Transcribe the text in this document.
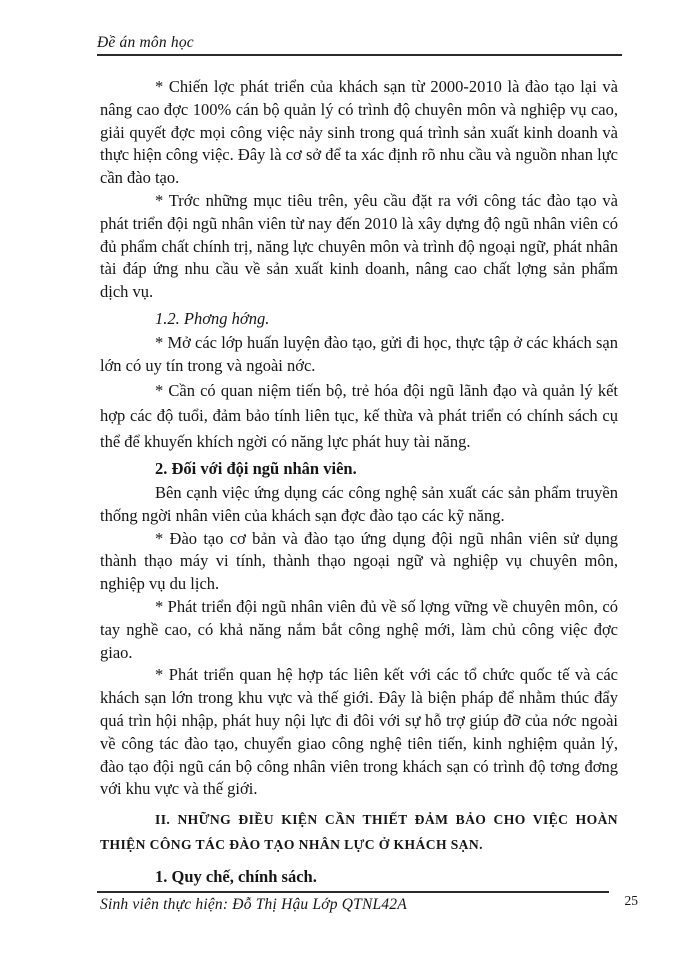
Đề án môn học

* Chiến lợc phát triển của khách sạn từ 2000-2010 là đào tạo lại và nâng cao đợc 100% cán bộ quản lý có trình độ chuyên môn và nghiệp vụ cao, giải quyết đợc mọi công việc nảy sinh trong quá trình sản xuất kinh doanh và thực hiện công việc. Đây là cơ sở để ta xác định rõ nhu cầu và nguồn nhan lực cần đào tạo.

* Trớc những mục tiêu trên, yêu cầu đặt ra với công tác đào tạo và phát triển đội ngũ nhân viên từ nay đến 2010 là xây dựng độ ngũ nhân viên có đủ phẩm chất chính trị, năng lực chuyên môn và trình độ ngoại ngữ, phát nhân tài đáp ứng nhu cầu về sản xuất kinh doanh, nâng cao chất lợng sản phẩm dịch vụ.

1.2. Phơng hớng.

* Mở các lớp huấn luyện đào tạo, gửi đi học, thực tập ở các khách sạn lớn có uy tín trong và ngoài nớc.

* Cần có quan niệm tiến bộ, trẻ hóa đội ngũ lãnh đạo và quản lý kết hợp các độ tuổi, đảm bảo tính liên tục, kế thừa và phát triển có chính sách cụ thể để khuyến khích ngời có năng lực phát huy tài năng.

2. Đối với đội ngũ nhân viên.

Bên cạnh việc ứng dụng các công nghệ sản xuất các sản phẩm truyền thống ngời nhân viên của khách sạn đợc đào tạo các kỹ năng.

* Đào tạo cơ bản và đào tạo ứng dụng đội ngũ nhân viên sử dụng thành thạo máy vi tính, thành thạo ngoại ngữ và nghiệp vụ chuyên môn, nghiệp vụ du lịch.

* Phát triển đội ngũ nhân viên đủ về số lợng vững về chuyên môn, có tay nghề cao, có khả năng nắm bắt công nghệ mới, làm chủ công việc đợc giao.

* Phát triển quan hệ hợp tác liên kết với các tổ chức quốc tế và các khách sạn lớn trong khu vực và thế giới. Đây là biện pháp để nhằm thúc đẩy quá trìn hội nhập, phát huy nội lực đi đôi với sự hỗ trợ giúp đỡ của nớc ngoài về công tác đào tạo, chuyển giao công nghệ tiên tiến, kinh nghiệm quản lý, đào tạo đội ngũ cán bộ công nhân viên trong khách sạn có trình độ tơng đơng với khu vực và thế giới.

II. NHỮNG ĐIỀU KIỆN CẦN THIẾT ĐẢM BẢO CHO VIỆC HOÀN THIỆN CÔNG TÁC ĐÀO TẠO NHÂN LỰC Ở KHÁCH SẠN.
1. Quy chế, chính sách.
Sinh viên thực hiện: Đỗ Thị Hậu Lớp QTNL42A	25
